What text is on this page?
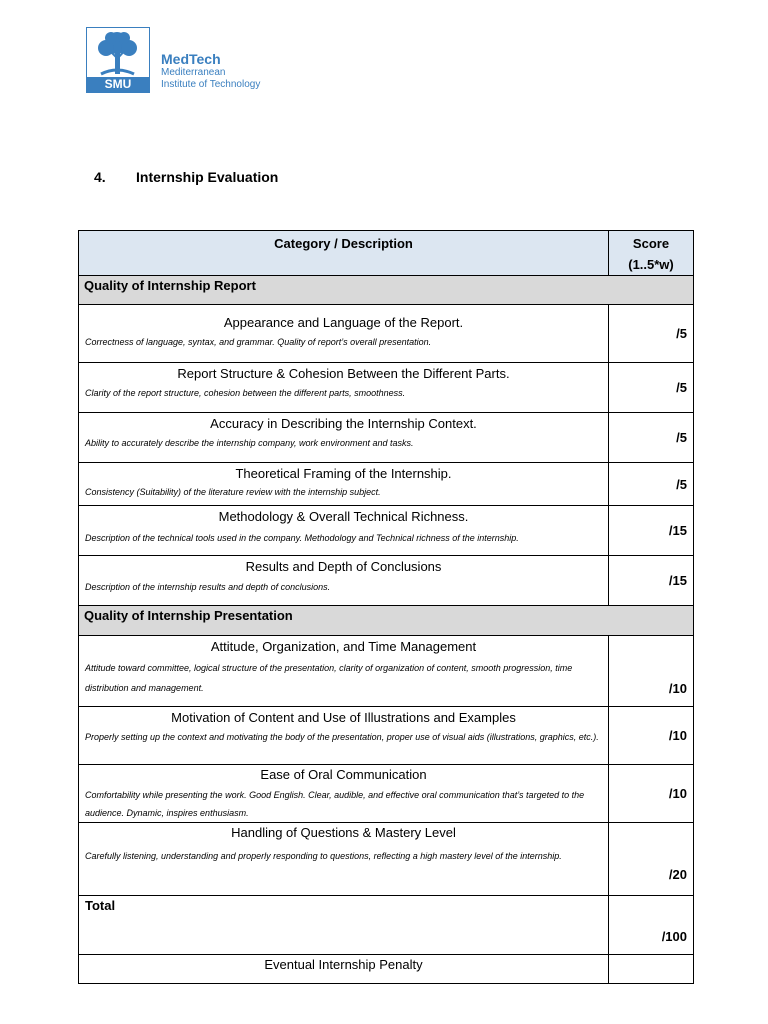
SMU
MedTech
Mediterranean
Institute of Technology
4. Internship Evaluation
Category / Description	Score
(1..5*w)

Quality of Internship Report	

Appearance and Language of the Report.
Correctness of language, syntax, and grammar. Quality of report’s overall presentation.	/5

Report Structure & Cohesion Between the Different Parts.
Clarity of the report structure, cohesion between the different parts, smoothness.	/5

Accuracy in Describing the Internship Context.
Ability to accurately describe the internship company, work environment and tasks.	/5

Theoretical Framing of the Internship.
Consistency (Suitability) of the literature review with the internship subject.	/5

Methodology & Overall Technical Richness.
Description of the technical tools used in the company. Methodology and Technical richness of the internship.	/15

Results and Depth of Conclusions
Description of the internship results and depth of conclusions.	/15
Quality of Internship Presentation	

Attitude, Organization, and Time Management
Attitude toward committee, logical structure of the presentation, clarity of organization of content, smooth progression, time distribution and management.	/10

Motivation of Content and Use of Illustrations and Examples
Properly setting up the context and motivating the body of the presentation, proper use of visual aids (illustrations, graphics, etc.).	/10

Ease of Oral Communication
Comfortability while presenting the work. Good English. Clear, audible, and effective oral communication that’s targeted to the audience. Dynamic, inspires enthusiasm.	/10

Handling of Questions & Mastery Level
Carefully listening, understanding and properly responding to questions, reflecting a high mastery level of the internship.	/20
Total	/100
Eventual Internship Penalty	
